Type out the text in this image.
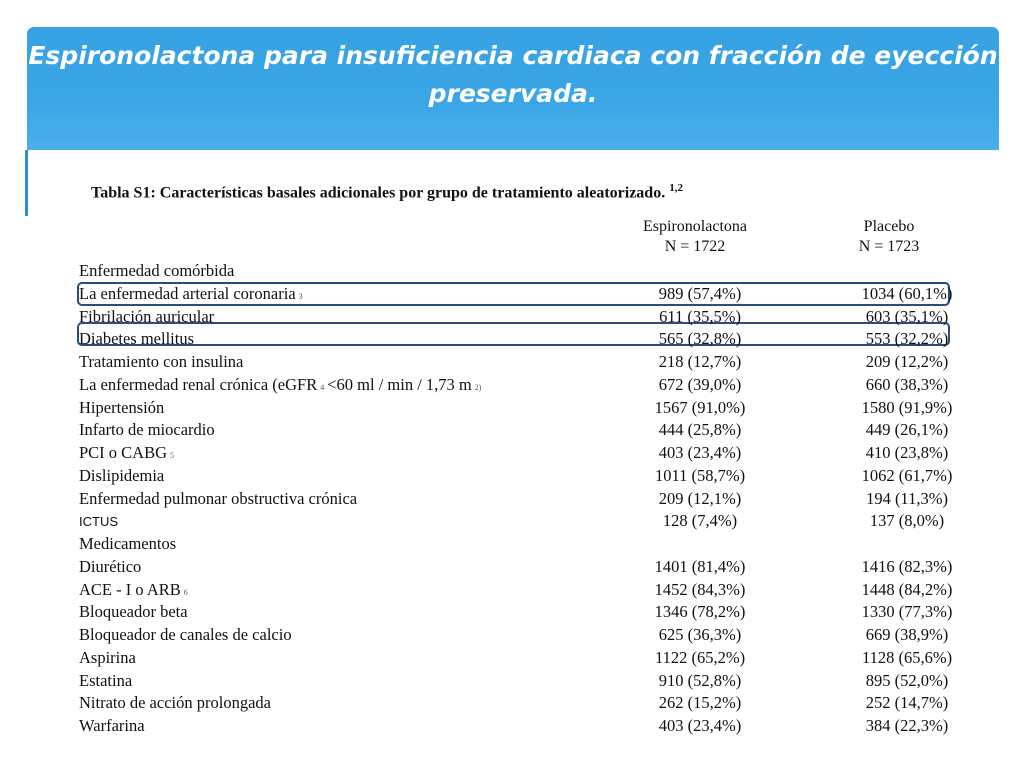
Espironolactona para insuficiencia cardiaca con fracción de eyección preservada.
Tabla S1: Características basales adicionales por grupo de tratamiento aleatorizado. $^{1,2}$
Espironolactona
N = 1722
Placebo
N = 1723
Enfermedad comórbida
La enfermedad arterial coronaria 3	989 (57,4%)	1034 (60,1%)
Fibrilación auricular	611 (35,5%)	603 (35,1%)
Diabetes mellitus	565 (32,8%)	553 (32,2%)
Tratamiento con insulina	218 (12,7%)	209 (12,2%)
La enfermedad renal crónica (eGFR 4 <60 ml / min / 1,73 m 2)	672 (39,0%)	660 (38,3%)
Hipertensión	1567 (91,0%)	1580 (91,9%)
Infarto de miocardio	444 (25,8%)	449 (26,1%)
PCI o CABG 5	403 (23,4%)	410 (23,8%)
Dislipidemia	1011 (58,7%)	1062 (61,7%)
Enfermedad pulmonar obstructiva crónica	209 (12,1%)	194 (11,3%)
ICTUS	128 (7,4%)	137 (8,0%)
Medicamentos
Diurético	1401 (81,4%)	1416 (82,3%)
ACE - I o ARB 6	1452 (84,3%)	1448 (84,2%)
Bloqueador beta	1346 (78,2%)	1330 (77,3%)
Bloqueador de canales de calcio	625 (36,3%)	669 (38,9%)
Aspirina	1122 (65,2%)	1128 (65,6%)
Estatina	910 (52,8%)	895 (52,0%)
Nitrato de acción prolongada	262 (15,2%)	252 (14,7%)
Warfarina	403 (23,4%)	384 (22,3%)
